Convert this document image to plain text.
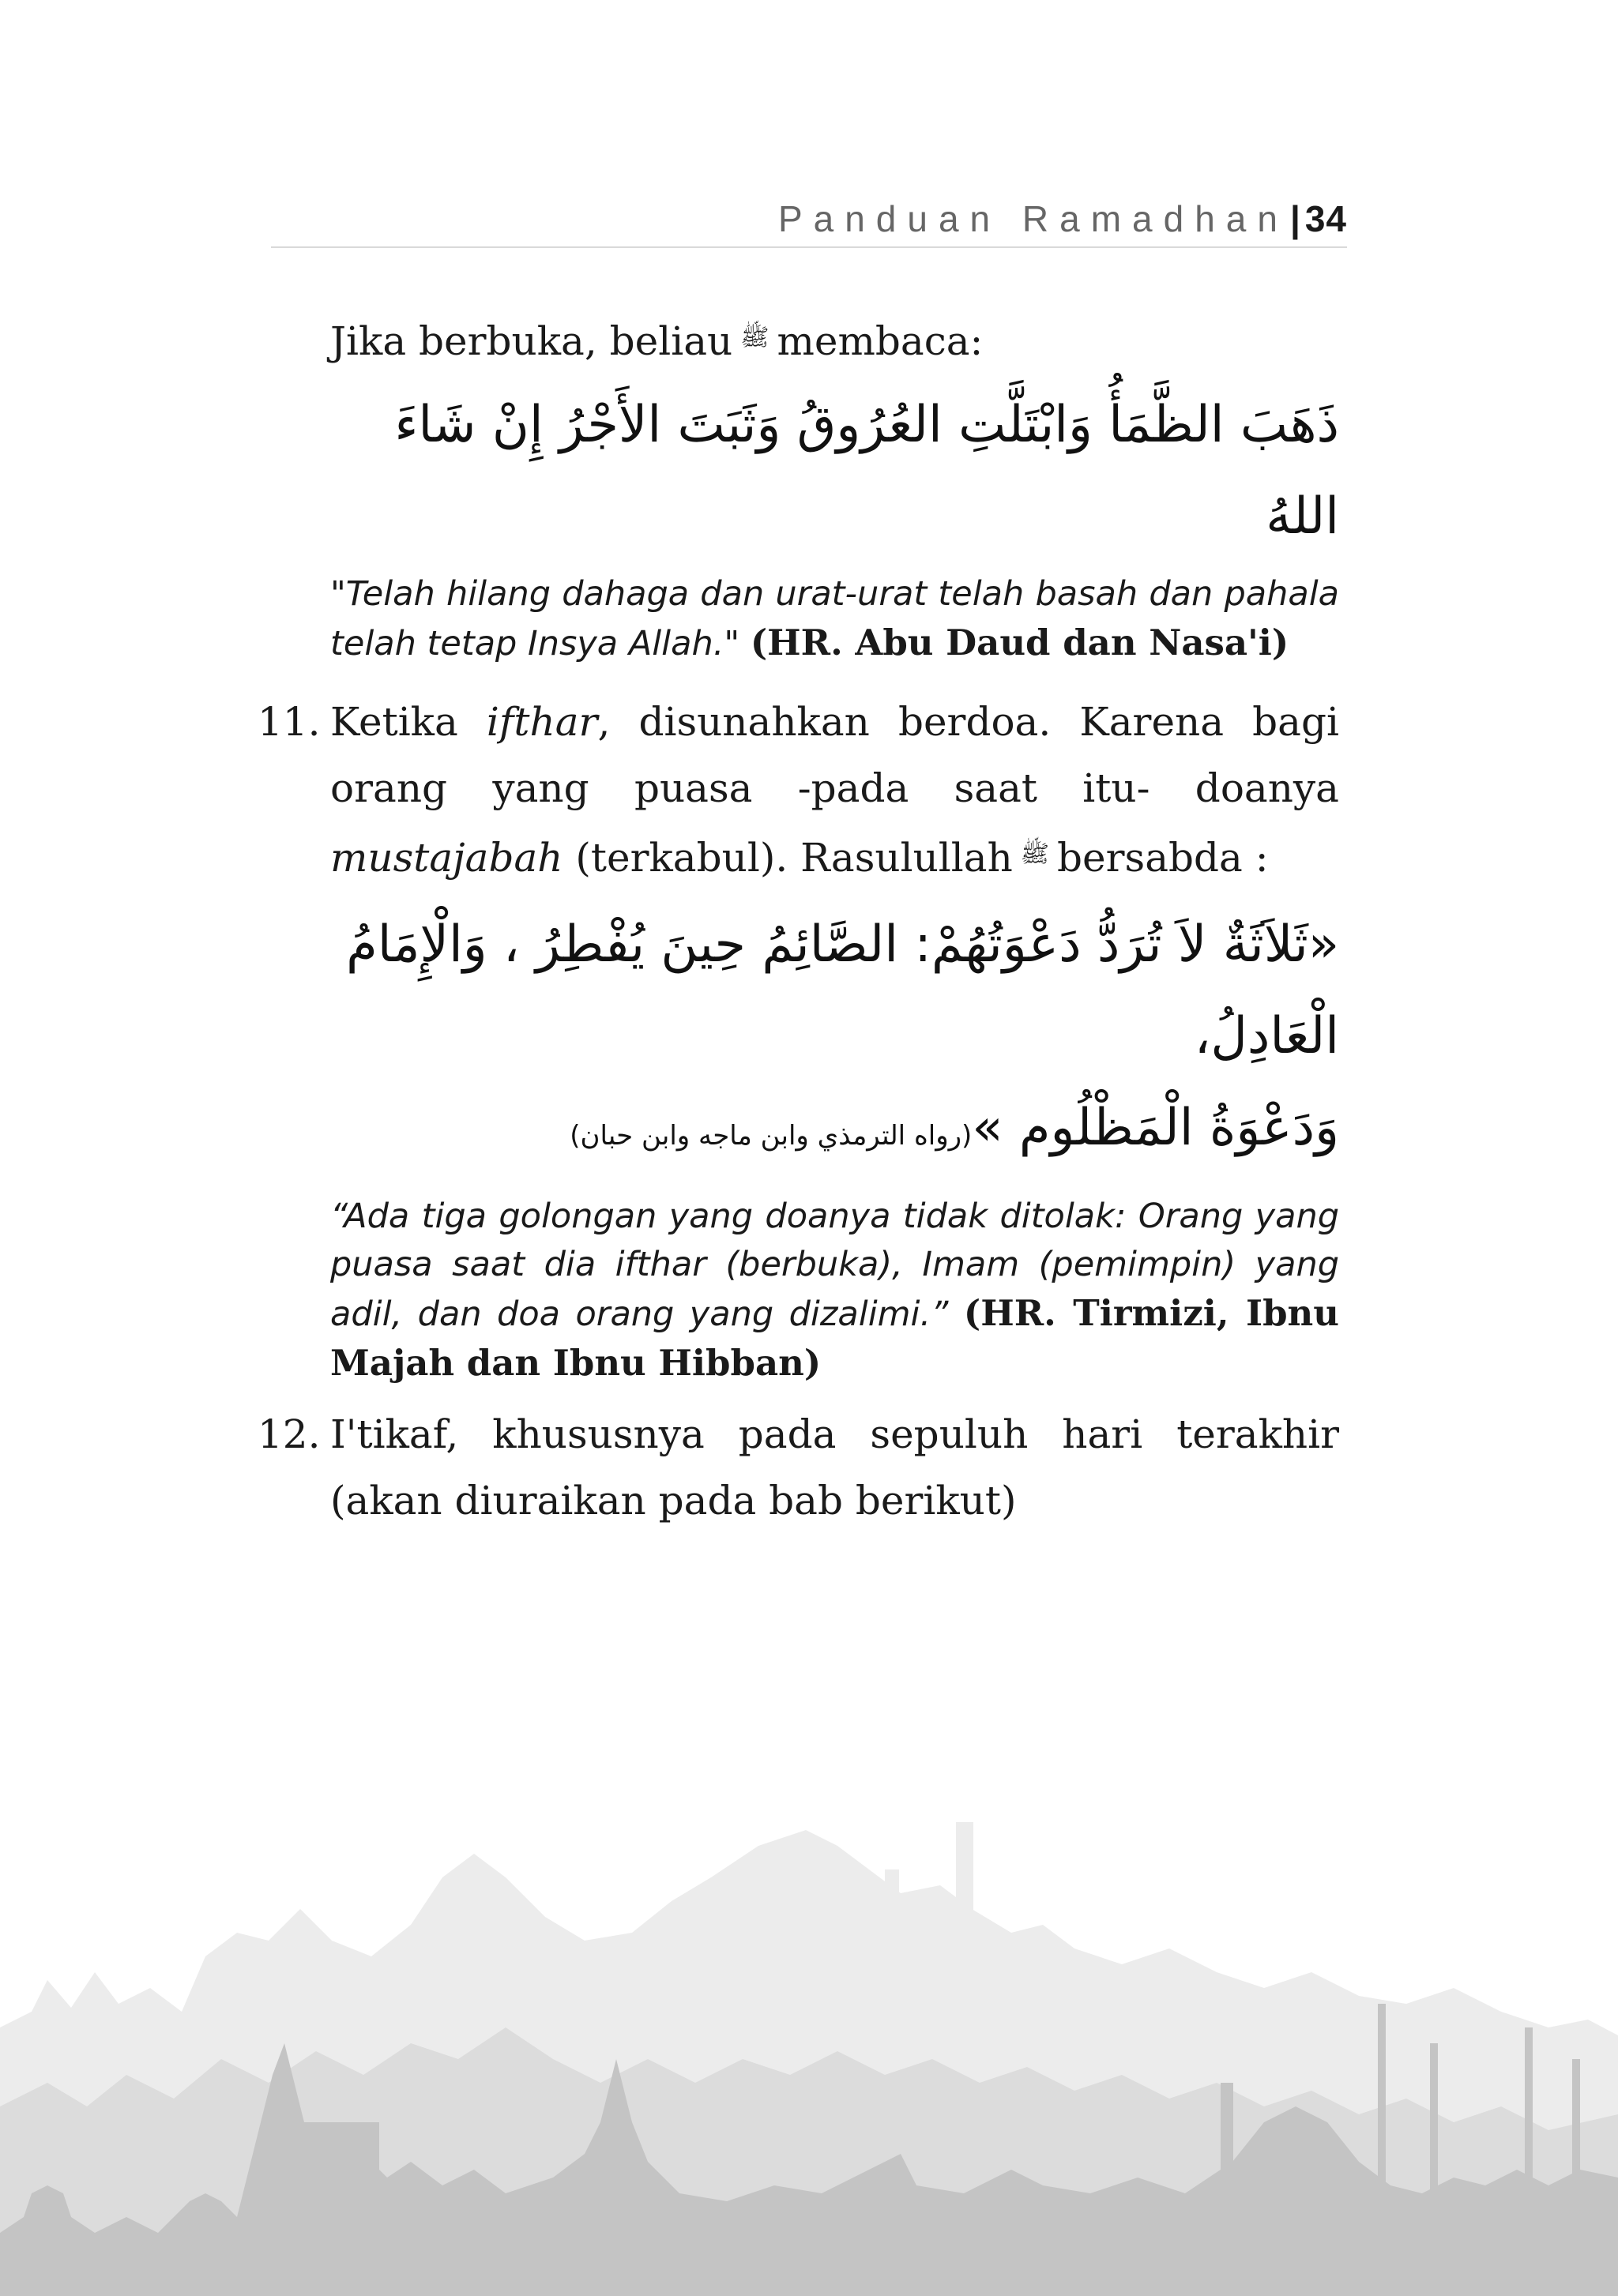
Panduan Ramadhan| 34

Jika berbuka, beliau ﷺ membaca:

ذَهَبَ الظَّمَأُ وَابْتَلَّتِ العُرُوقُ وَثَبَتَ الأَجْرُ إِنْ شَاءَ اللهُ

"Telah hilang dahaga dan urat-urat telah basah dan pahala telah tetap Insya Allah." (HR. Abu Daud dan Nasa'i)

11. Ketika ifthar, disunahkan berdoa. Karena bagi orang yang puasa -pada saat itu- doanya mustajabah (terkabul). Rasulullah ﷺ bersabda :

«ثَلاَثَةٌ لاَ تُرَدُّ دَعْوَتُهُمْ: الصَّائِمُ حِينَ يُفْطِرُ ، وَالْإِمَامُ الْعَادِلُ،
وَدَعْوَةُ الْمَظْلُوم »(رواه الترمذي وابن ماجه وابن حبان)

“Ada tiga golongan yang doanya tidak ditolak: Orang yang puasa saat dia ifthar (berbuka), Imam (pemimpin) yang adil, dan doa orang yang dizalimi.” (HR. Tirmizi, Ibnu Majah dan Ibnu Hibban)

12. I'tikaf, khususnya pada sepuluh hari terakhir (akan diuraikan pada bab berikut)
